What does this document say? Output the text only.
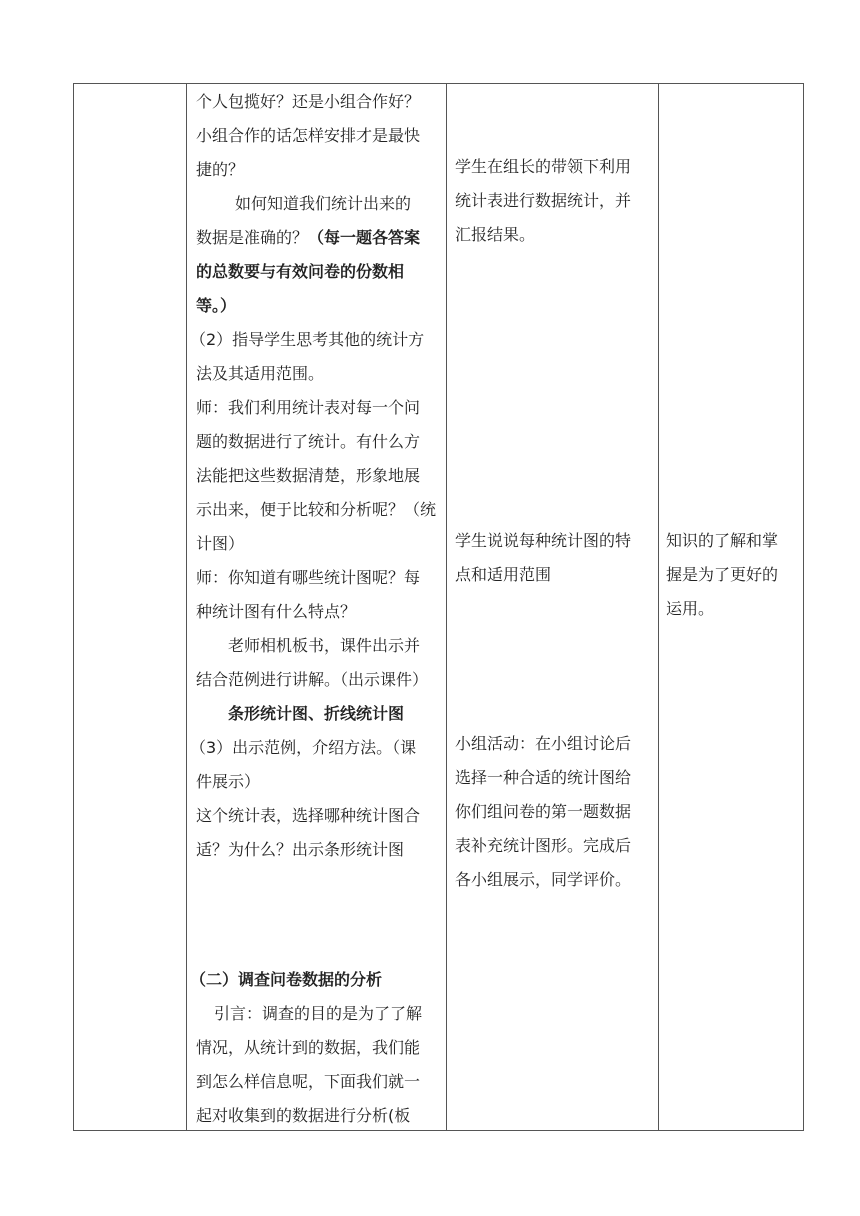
个人包揽好？还是小组合作好？

小组合作的话怎样安排才是最快

捷的？

如何知道我们统计出来的

数据是准确的？（每一题各答案

的总数要与有效问卷的份数相

等。）

（2）指导学生思考其他的统计方

法及其适用范围。

师：我们利用统计表对每一个问

题的数据进行了统计。有什么方

法能把这些数据清楚，形象地展

示出来，便于比较和分析呢？（统

计图）

师：你知道有哪些统计图呢？每

种统计图有什么特点？

老师相机板书，课件出示并

结合范例进行讲解。（出示课件）

条形统计图、折线统计图

（3）出示范例，介绍方法。（课

件展示）

这个统计表，选择哪种统计图合

适？为什么？出示条形统计图

（二）调查问卷数据的分析

引言：调查的目的是为了了解

情况，从统计到的数据，我们能

到怎么样信息呢，下面我们就一

起对收集到的数据进行分析(板

学生在组长的带领下利用

统计表进行数据统计，并

汇报结果。

学生说说每种统计图的特

点和适用范围

小组活动：在小组讨论后

选择一种合适的统计图给

你们组问卷的第一题数据

表补充统计图形。完成后

各小组展示，同学评价。

知识的了解和掌

握是为了更好的

运用。
